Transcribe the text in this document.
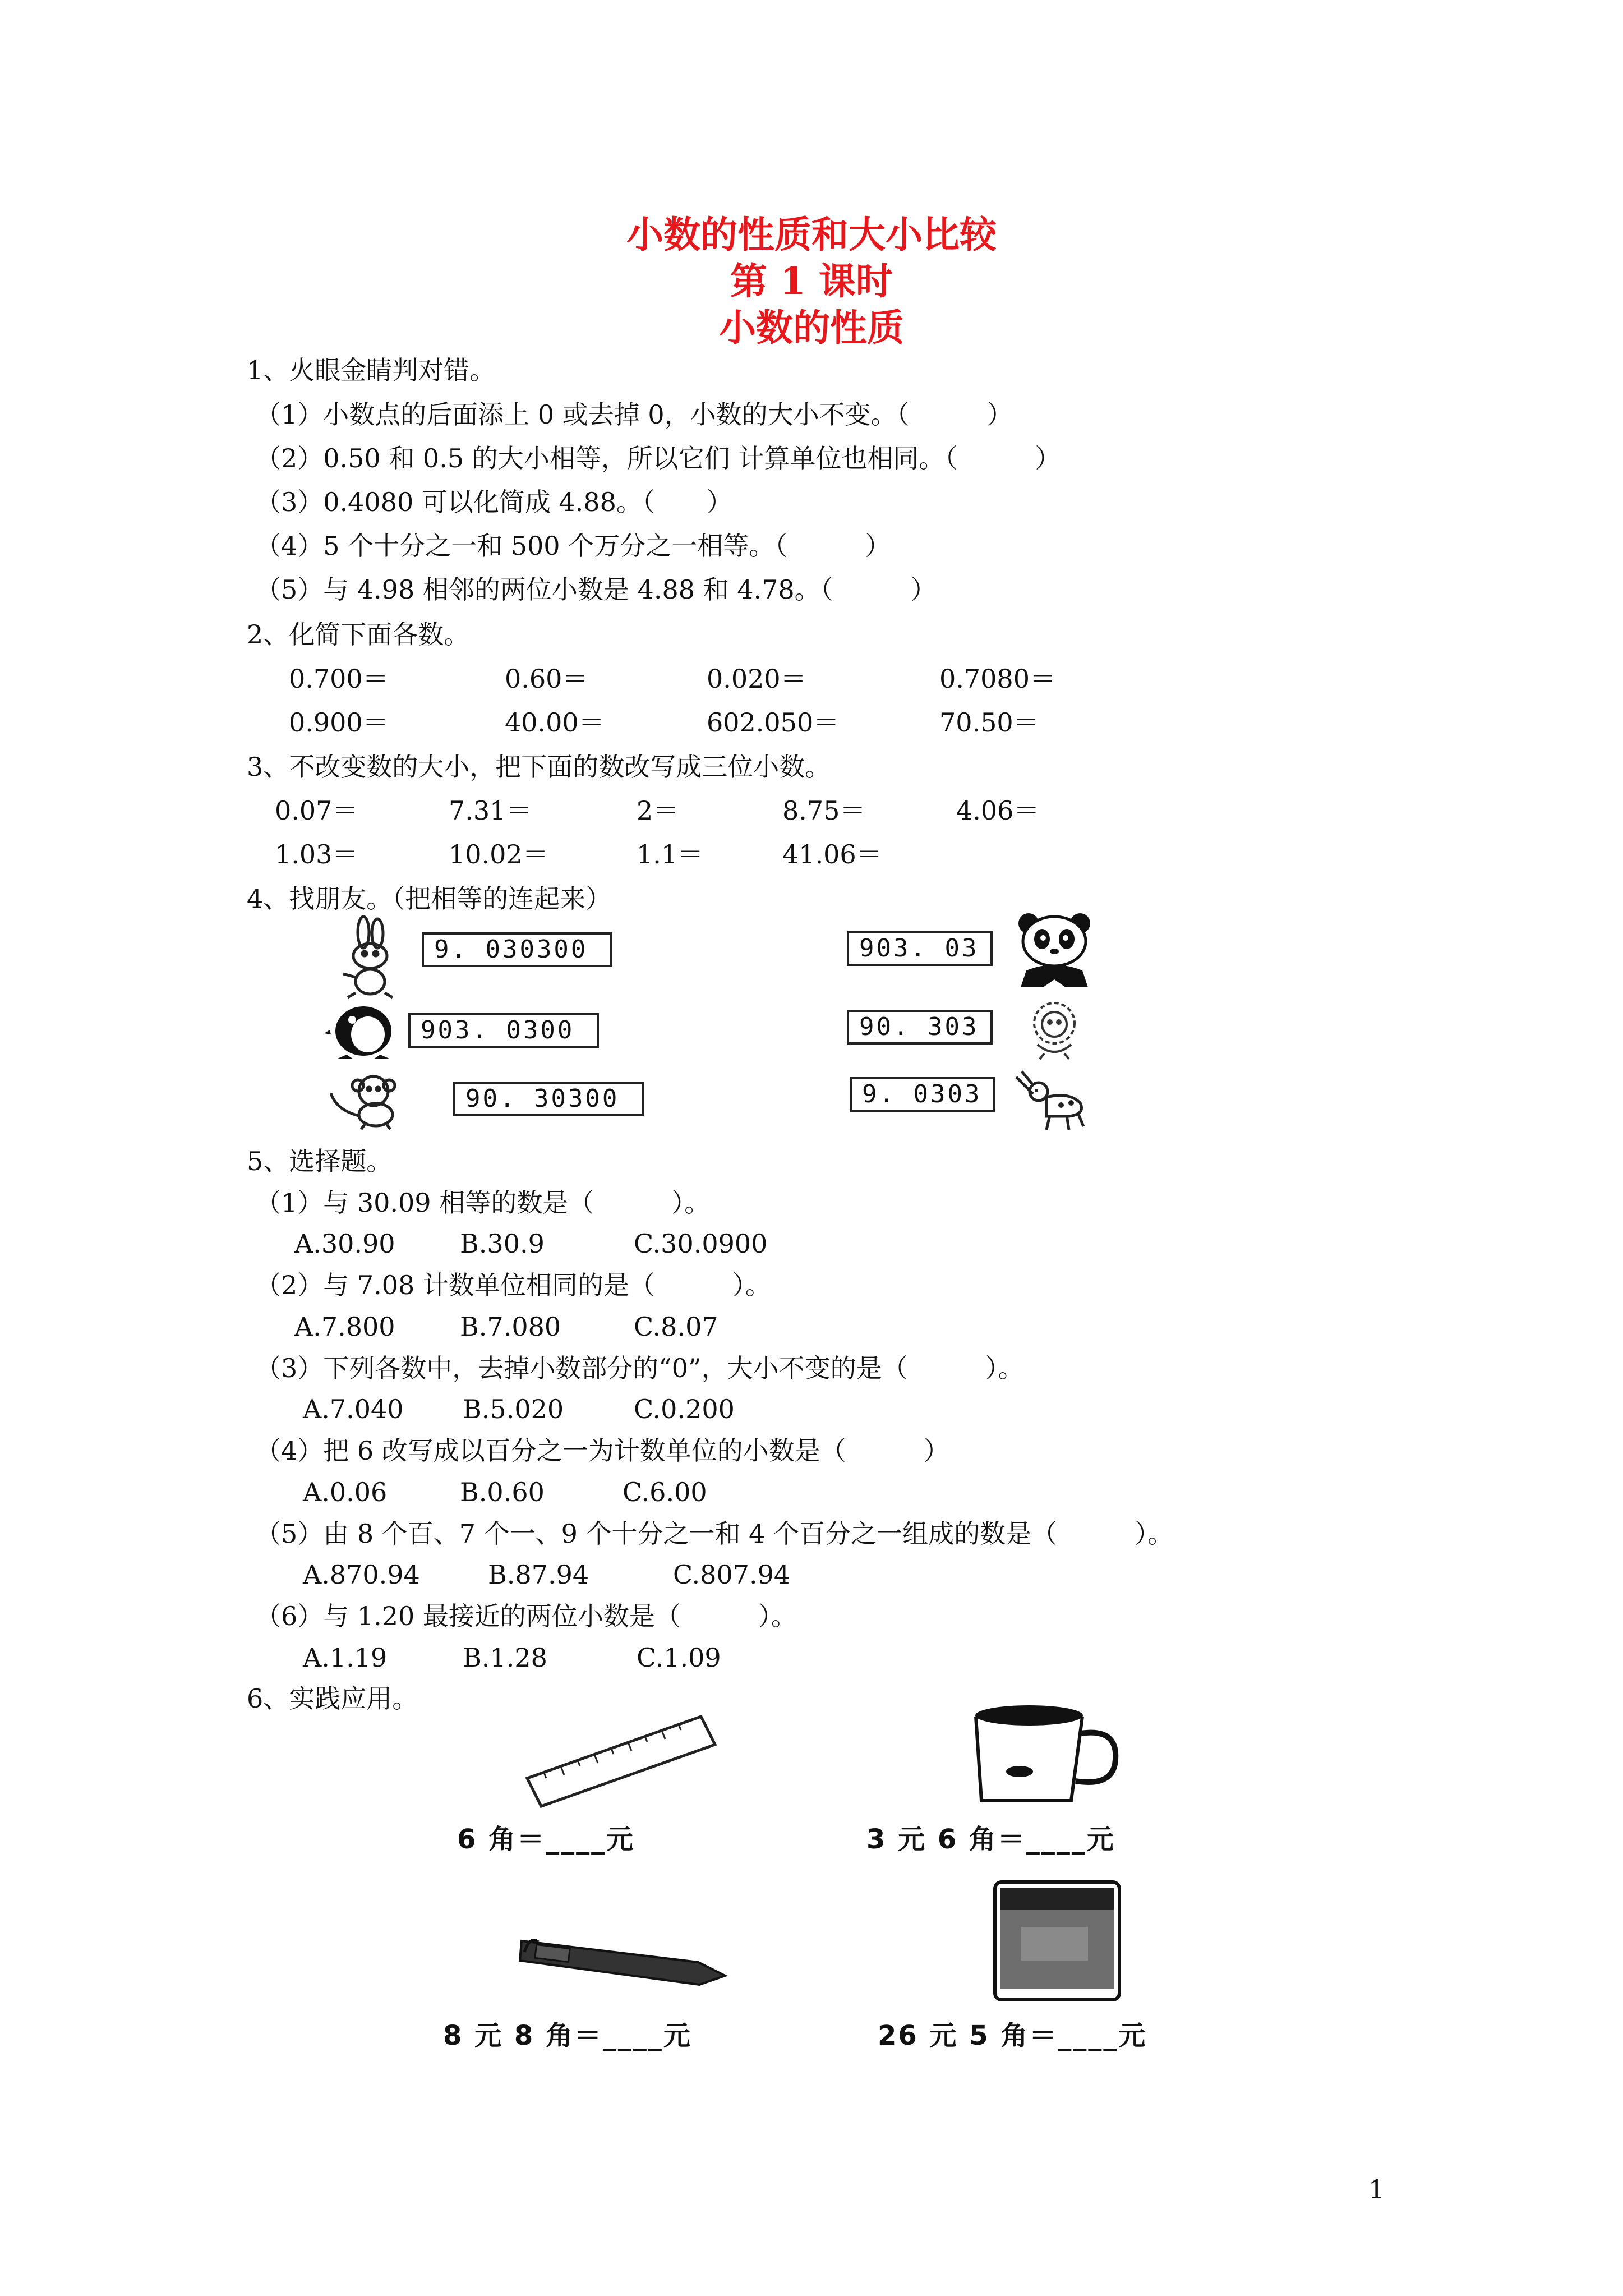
小数的性质和大小比较
第 1 课时
小数的性质
1、火眼金睛判对错。
（1）小数点的后面添上 0 或去掉 0，小数的大小不变。（　　　）
（2）0.50 和 0.5 的大小相等，所以它们 计算单位也相同。（　　　）
（3）0.4080 可以化简成 4.88。（　　）
（4）5 个十分之一和 500 个万分之一相等。（　　　）
（5）与 4.98 相邻的两位小数是 4.88 和 4.78。（　　　）
2、化简下面各数。
0.700＝	0.60＝	0.020＝	0.7080＝
0.900＝	40.00＝	602.050＝	70.50＝
3、不改变数的大小，把下面的数改写成三位小数。
0.07＝	7.31＝	2＝	8.75＝	4.06＝
1.03＝	10.02＝	1.1＝	41.06＝
4、找朋友。（把相等的连起来）
9. 030300
903. 0300
90. 30300
903. 03
90. 303
9. 0303
5、选择题。
（1）与 30.09 相等的数是（　　　）。
A.30.90	B.30.9	C.30.0900
（2）与 7.08 计数单位相同的是（　　　）。
A.7.800	B.7.080	C.8.07
（3）下列各数中，去掉小数部分的“0”，大小不变的是（　　　）。
A.7.040 B.5.020	C.0.200
（4）把 6 改写成以百分之一为计数单位的小数是（　　　）
A.0.06	B.0.60	C.6.00
（5）由 8 个百、7 个一、9 个十分之一和 4 个百分之一组成的数是（　　　）。
A.870.94	B.87.94	C.807.94
（6）与 1.20 最接近的两位小数是（　　　）。
A.1.19	B.1.28	C.1.09
6、实践应用。
6 角＝____元	3 元 6 角＝____元
8 元 8 角＝____元	26 元 5 角＝____元
1
